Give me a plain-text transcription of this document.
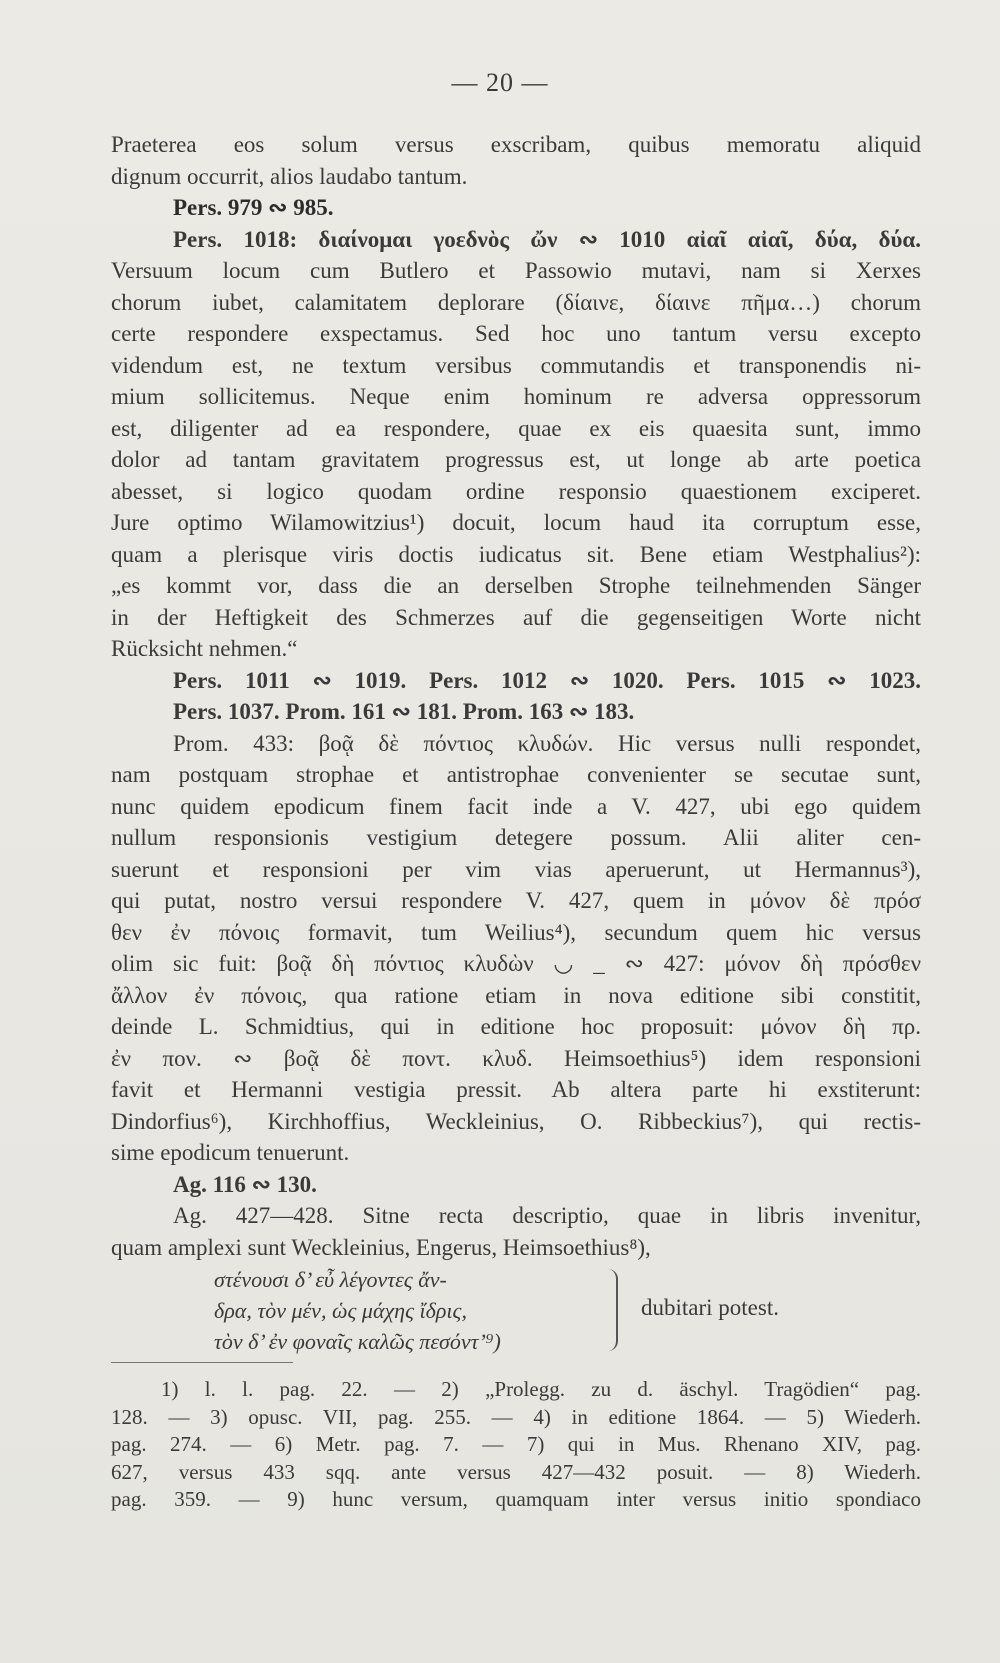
— 20 —
Praeterea eos solum versus exscribam, quibus memoratu aliquid
dignum occurrit, alios laudabo tantum.
Pers. 979 ∾ 985.
Pers. 1018: διαίνομαι γοεδνὸς ὤν ∾ 1010 αἰαῖ αἰαῖ, δύα, δύα.
Versuum locum cum Butlero et Passowio mutavi, nam si Xerxes
chorum iubet, calamitatem deplorare (δίαινε, δίαινε πῆμα…) chorum
certe respondere exspectamus. Sed hoc uno tantum versu excepto
videndum est, ne textum versibus commutandis et transponendis ni-
mium sollicitemus. Neque enim hominum re adversa oppressorum
est, diligenter ad ea respondere, quae ex eis quaesita sunt, immo
dolor ad tantam gravitatem progressus est, ut longe ab arte poetica
abesset, si logico quodam ordine responsio quaestionem exciperet.
Jure optimo Wilamowitzius¹) docuit, locum haud ita corruptum esse,
quam a plerisque viris doctis iudicatus sit. Bene etiam Westphalius²):
„es kommt vor, dass die an derselben Strophe teilnehmenden Sänger
in der Heftigkeit des Schmerzes auf die gegenseitigen Worte nicht
Rücksicht nehmen.“
Pers. 1011 ∾ 1019. Pers. 1012 ∾ 1020. Pers. 1015 ∾ 1023.
Pers. 1037. Prom. 161 ∾ 181. Prom. 163 ∾ 183.
Prom. 433: βοᾷ δὲ πόντιος κλυδών. Hic versus nulli respondet,
nam postquam strophae et antistrophae convenienter se secutae sunt,
nunc quidem epodicum finem facit inde a V. 427, ubi ego quidem
nullum responsionis vestigium detegere possum. Alii aliter cen-
suerunt et responsioni per vim vias aperuerunt, ut Hermannus³),
qui putat, nostro versui respondere V. 427, quem in μόνον δὲ πρόσ
θεν ἐν πόνοις formavit, tum Weilius⁴), secundum quem hic versus
olim sic fuit: βοᾷ δὴ πόντιος κλυδὼν ◡ _ ∾ 427: μόνον δὴ πρόσθεν
ἄλλον ἐν πόνοις, qua ratione etiam in nova editione sibi constitit,
deinde L. Schmidtius, qui in editione hoc proposuit: μόνον δὴ πρ.
ἐν πον. ∾ βοᾷ δὲ ποντ. κλυδ. Heimsoethius⁵) idem responsioni
favit et Hermanni vestigia pressit. Ab altera parte hi exstiterunt:
Dindorfius⁶), Kirchhoffius, Weckleinius, O. Ribbeckius⁷), qui rectis-
sime epodicum tenuerunt.
Ag. 116 ∾ 130.
Ag. 427—428. Sitne recta descriptio, quae in libris invenitur,
quam amplexi sunt Weckleinius, Engerus, Heimsoethius⁸),
στένουσι δ’ εὖ λέγοντες ἄν-
δρα, τὸν μέν, ὡς μάχης ἴδρις,
τὸν δ’ ἐν φοναῖς καλῶς πεσόντ’⁹)
dubitari potest.
1) l. l. pag. 22. — 2) „Prolegg. zu d. äschyl. Tragödien“ pag.
128. — 3) opusc. VII, pag. 255. — 4) in editione 1864. — 5) Wiederh.
pag. 274. — 6) Metr. pag. 7. — 7) qui in Mus. Rhenano XIV, pag.
627, versus 433 sqq. ante versus 427—432 posuit. — 8) Wiederh.
pag. 359. — 9) hunc versum, quamquam inter versus initio spondiaco
